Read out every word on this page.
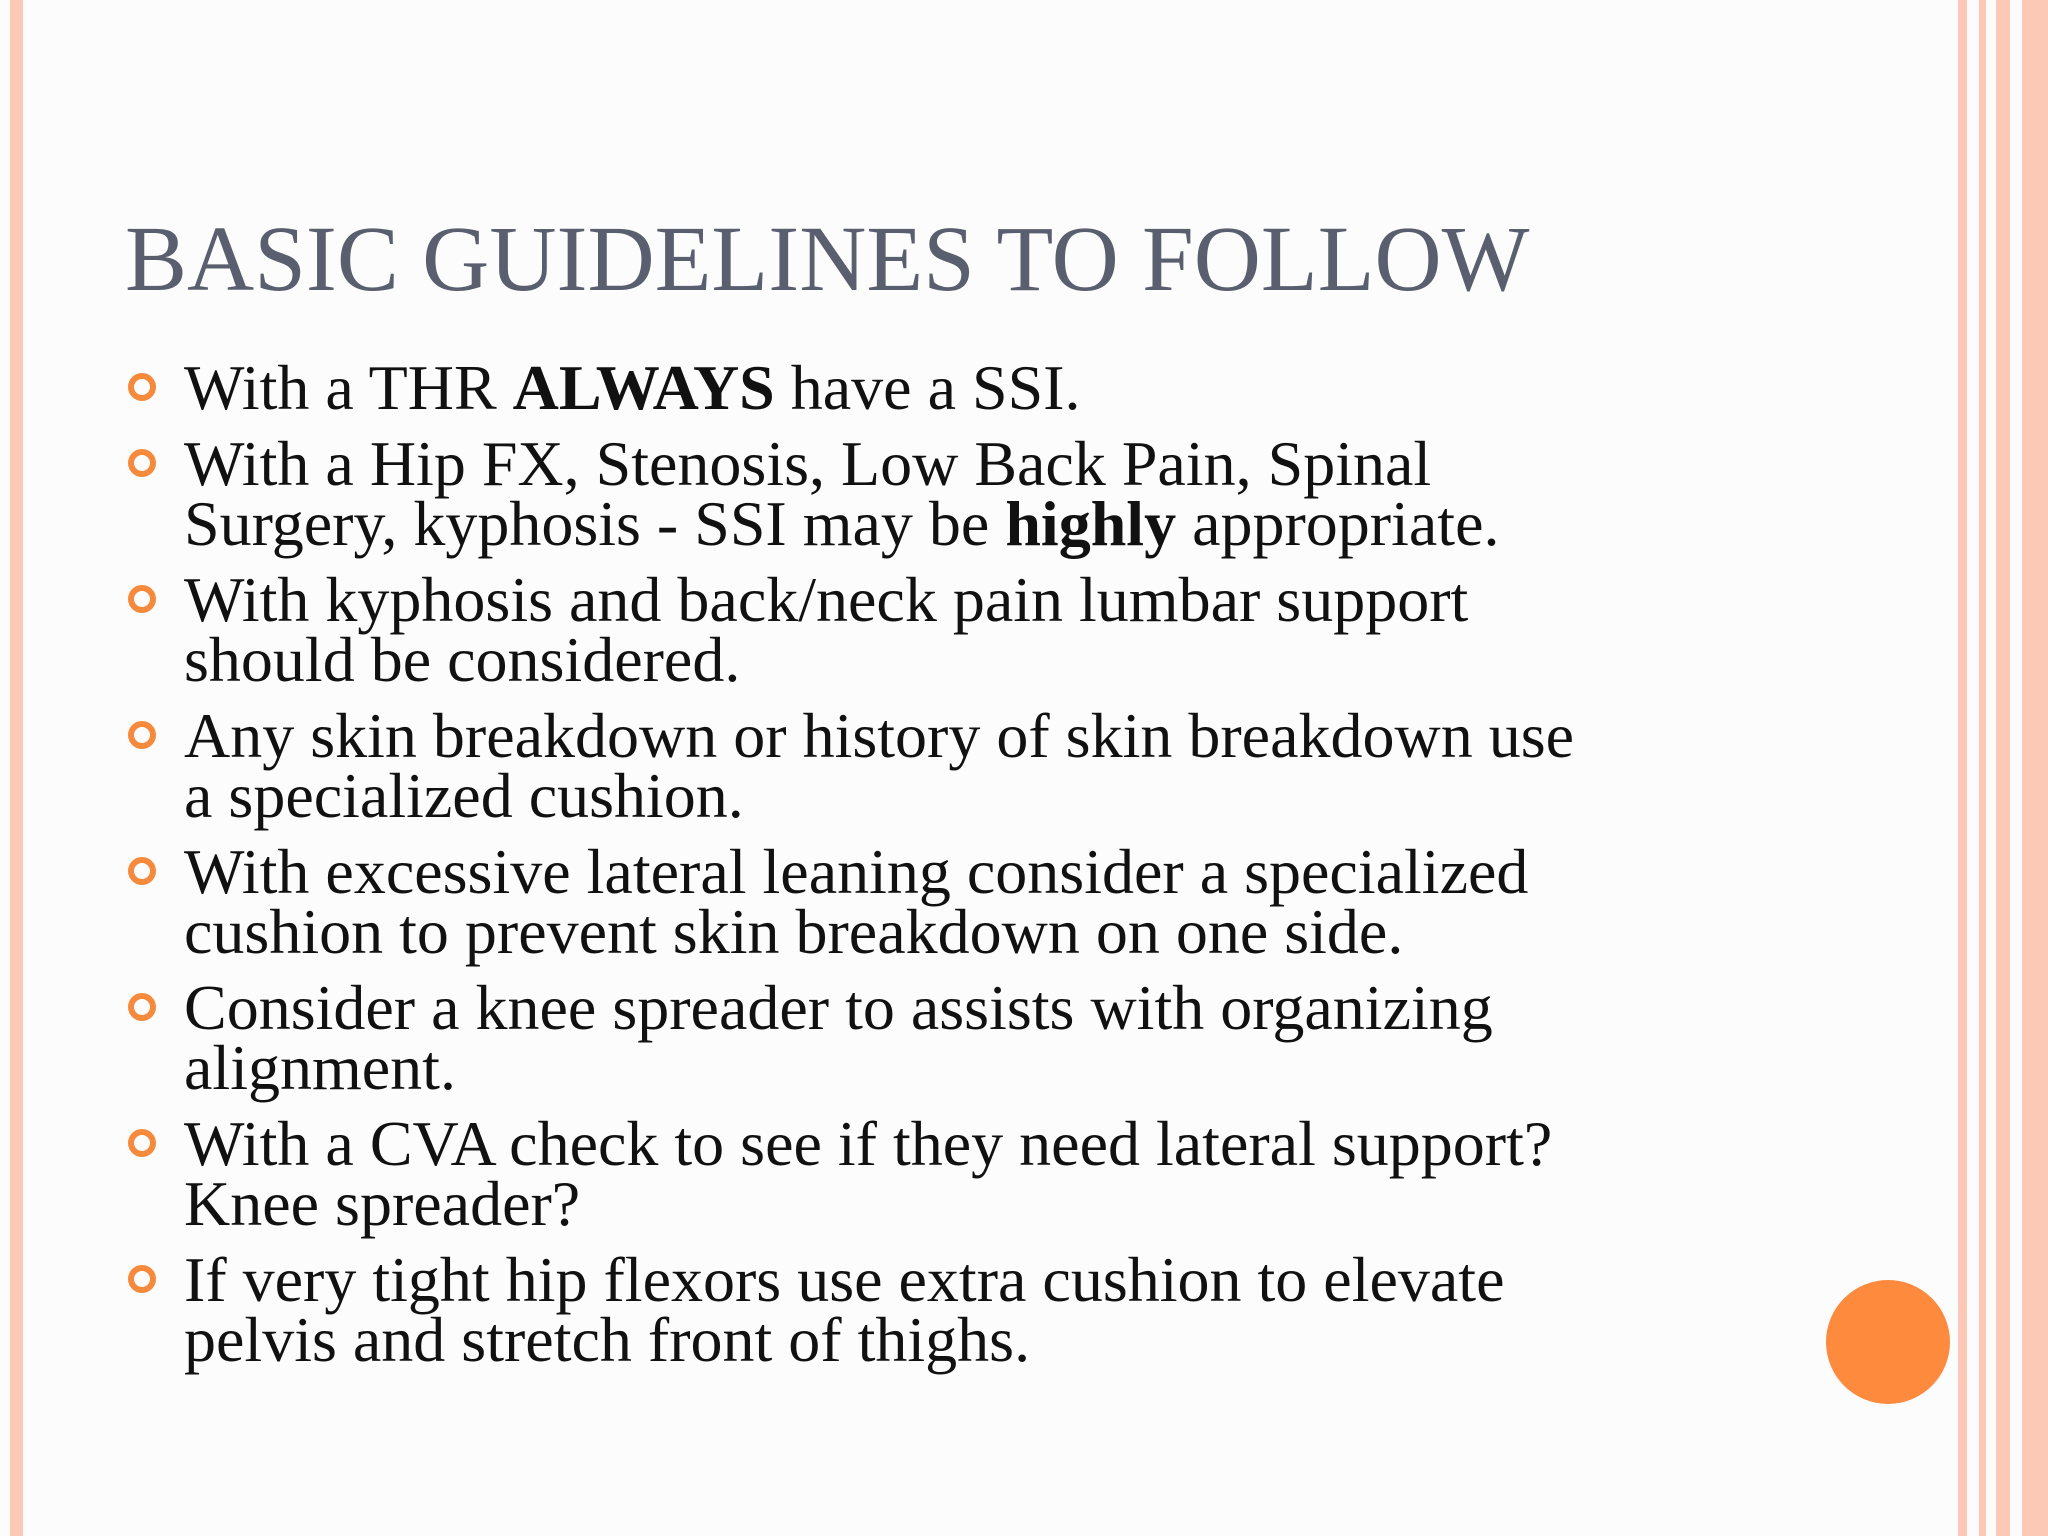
BASIC GUIDELINES TO FOLLOW
With a THR ALWAYS have a SSI.
With a Hip FX, Stenosis, Low Back Pain, Spinal
Surgery, kyphosis - SSI may be highly appropriate.
With kyphosis and back/neck pain lumbar support
should be considered.
Any skin breakdown or history of skin breakdown use
a specialized cushion.
With excessive lateral leaning consider a specialized
cushion to prevent skin breakdown on one side.
Consider a knee spreader to assists with organizing
alignment.
With a CVA check to see if they need lateral support?
Knee spreader?
If very tight hip flexors use extra cushion to elevate
pelvis and stretch front of thighs.
